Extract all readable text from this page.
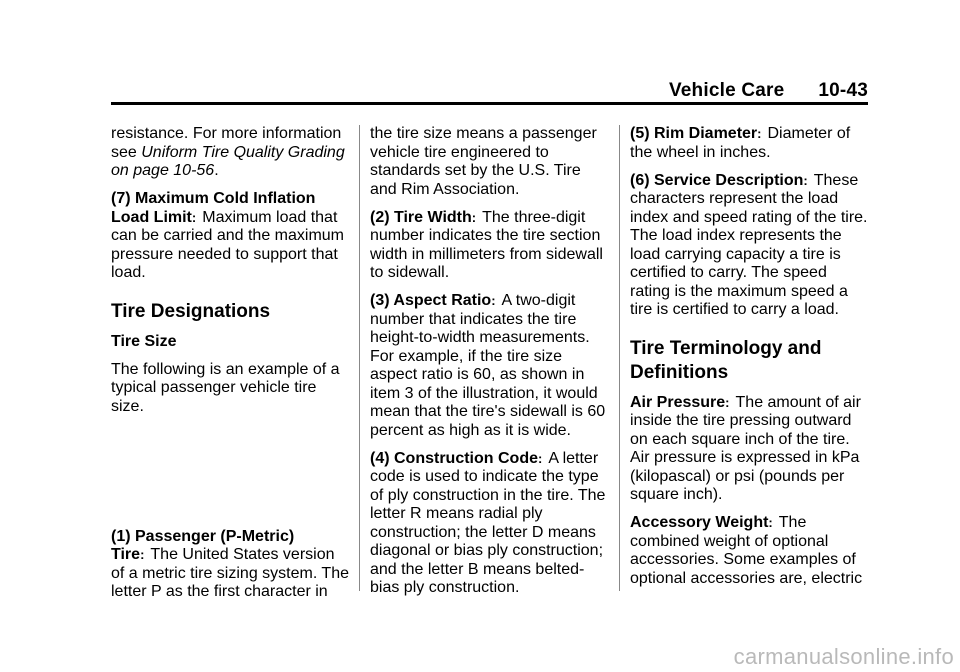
Vehicle Care 10-43

resistance. For more information see Uniform Tire Quality Grading on page 10-56.

(7) Maximum Cold Inflation Load Limit: Maximum load that can be carried and the maximum pressure needed to support that load.

Tire Designations
Tire Size

The following is an example of a typical passenger vehicle tire size.

(1) Passenger (P-Metric) Tire: The United States version of a metric tire sizing system. The letter P as the first character in

the tire size means a passenger vehicle tire engineered to standards set by the U.S. Tire and Rim Association.

(2) Tire Width: The three-digit number indicates the tire section width in millimeters from sidewall to sidewall.

(3) Aspect Ratio: A two-digit number that indicates the tire height-to-width measurements. For example, if the tire size aspect ratio is 60, as shown in item 3 of the illustration, it would mean that the tire's sidewall is 60 percent as high as it is wide.

(4) Construction Code: A letter code is used to indicate the type of ply construction in the tire. The letter R means radial ply construction; the letter D means diagonal or bias ply construction; and the letter B means belted-bias ply construction.

(5) Rim Diameter: Diameter of the wheel in inches.

(6) Service Description: These characters represent the load index and speed rating of the tire. The load index represents the load carrying capacity a tire is certified to carry. The speed rating is the maximum speed a tire is certified to carry a load.

Tire Terminology and Definitions

Air Pressure: The amount of air inside the tire pressing outward on each square inch of the tire. Air pressure is expressed in kPa (kilopascal) or psi (pounds per square inch).

Accessory Weight: The combined weight of optional accessories. Some examples of optional accessories are, electric

carmanualsonline.info
